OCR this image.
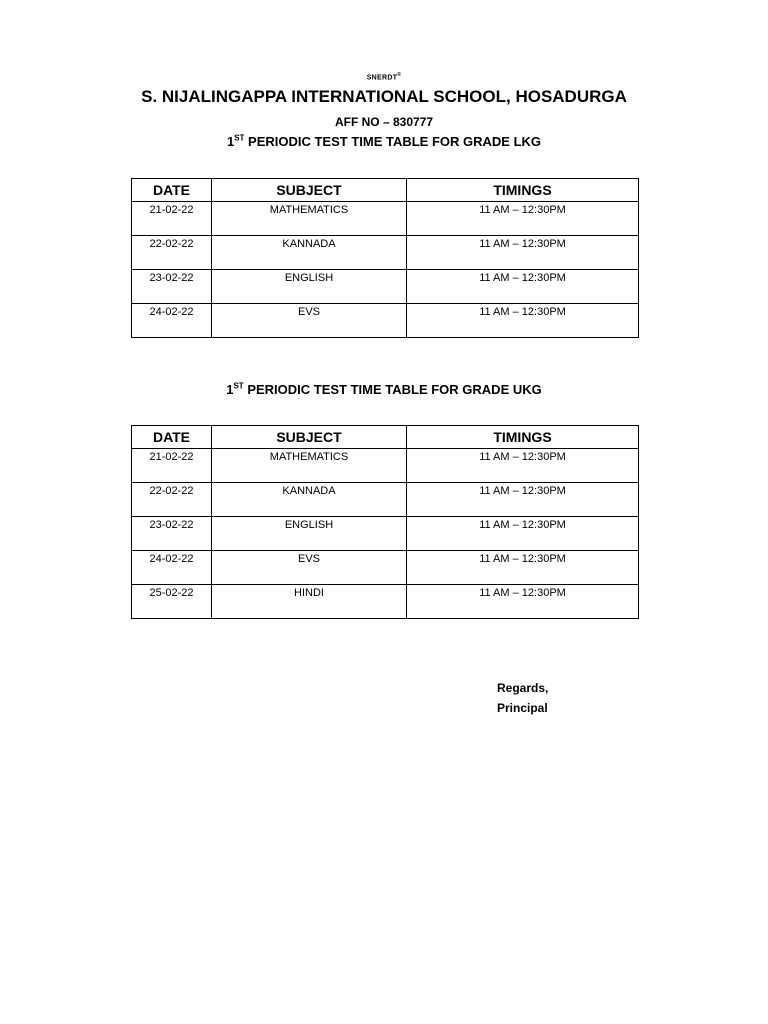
SNERDT®
S. NIJALINGAPPA INTERNATIONAL SCHOOL, HOSADURGA
AFF NO – 830777
1ST PERIODIC TEST TIME TABLE FOR GRADE LKG
DATE	SUBJECT	TIMINGS
21-02-22	MATHEMATICS	11 AM – 12:30PM
22-02-22	KANNADA	11 AM – 12:30PM
23-02-22	ENGLISH	11 AM – 12:30PM
24-02-22	EVS	11 AM – 12:30PM
1ST PERIODIC TEST TIME TABLE FOR GRADE UKG
DATE	SUBJECT	TIMINGS
21-02-22	MATHEMATICS	11 AM – 12:30PM
22-02-22	KANNADA	11 AM – 12:30PM
23-02-22	ENGLISH	11 AM – 12:30PM
24-02-22	EVS	11 AM – 12:30PM
25-02-22	HINDI	11 AM – 12:30PM
Regards,
Principal
